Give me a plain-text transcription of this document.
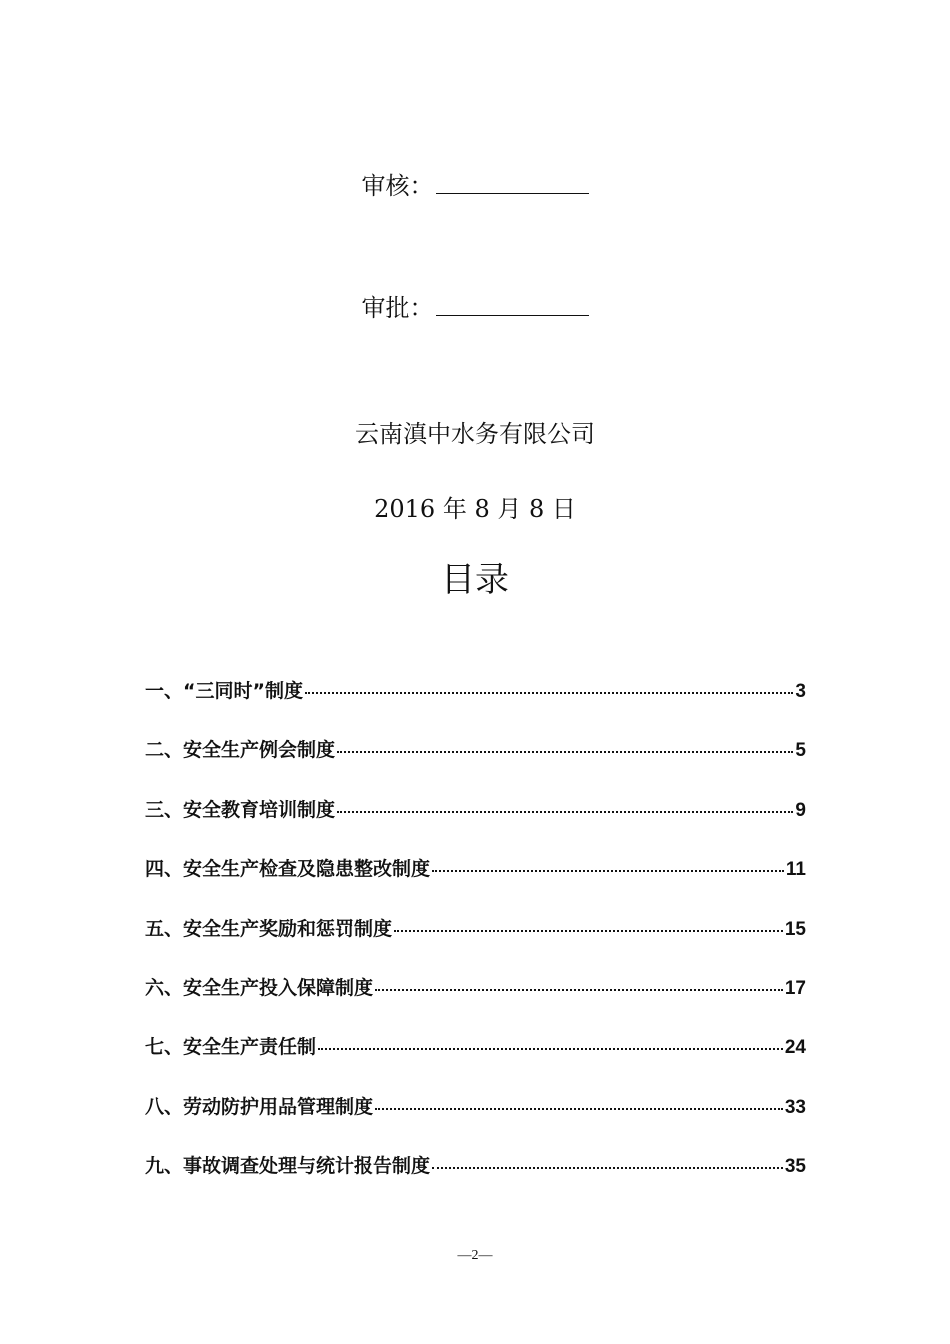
审核：
审批：
云南滇中水务有限公司
2016 年 8 月 8 日
目录
一、“三同时”制度	3
二、安全生产例会制度	5
三、安全教育培训制度	9
四、安全生产检查及隐患整改制度	11
五、安全生产奖励和惩罚制度	15
六、安全生产投入保障制度	17
七、安全生产责任制	24
八、劳动防护用品管理制度	33
九、事故调查处理与统计报告制度	35
—2—
